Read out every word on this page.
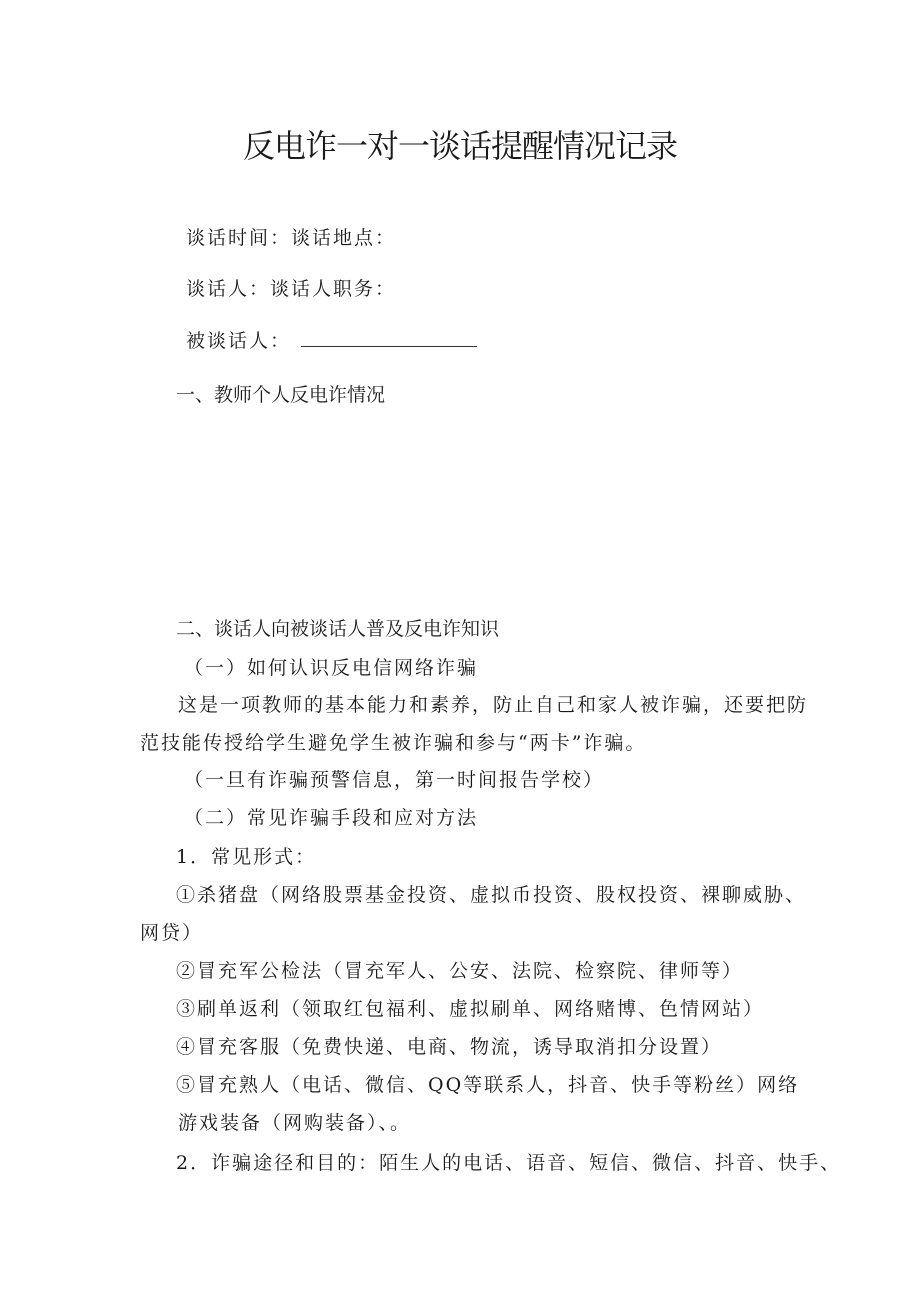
反电诈一对一谈话提醒情况记录
谈话时间：谈话地点：
谈话人：谈话人职务：
被谈话人：
一、教师个人反电诈情况
二、谈话人向被谈话人普及反电诈知识
（一）如何认识反电信网络诈骗
这是一项教师的基本能力和素养，防止自己和家人被诈骗，还要把防
范技能传授给学生避免学生被诈骗和参与“两卡”诈骗。
（一旦有诈骗预警信息，第一时间报告学校）
（二）常见诈骗手段和应对方法
1．常见形式：
①杀猪盘（网络股票基金投资、虚拟币投资、股权投资、裸聊威胁、
网贷）
②冒充军公检法（冒充军人、公安、法院、检察院、律师等）
③刷单返利（领取红包福利、虚拟刷单、网络赌博、色情网站）
④冒充客服（免费快递、电商、物流，诱导取消扣分设置）
⑤冒充熟人（电话、微信、QQ等联系人，抖音、快手等粉丝）网络
游戏装备（网购装备）、。
2．诈骗途径和目的：陌生人的电话、语音、短信、微信、抖音、快手、
